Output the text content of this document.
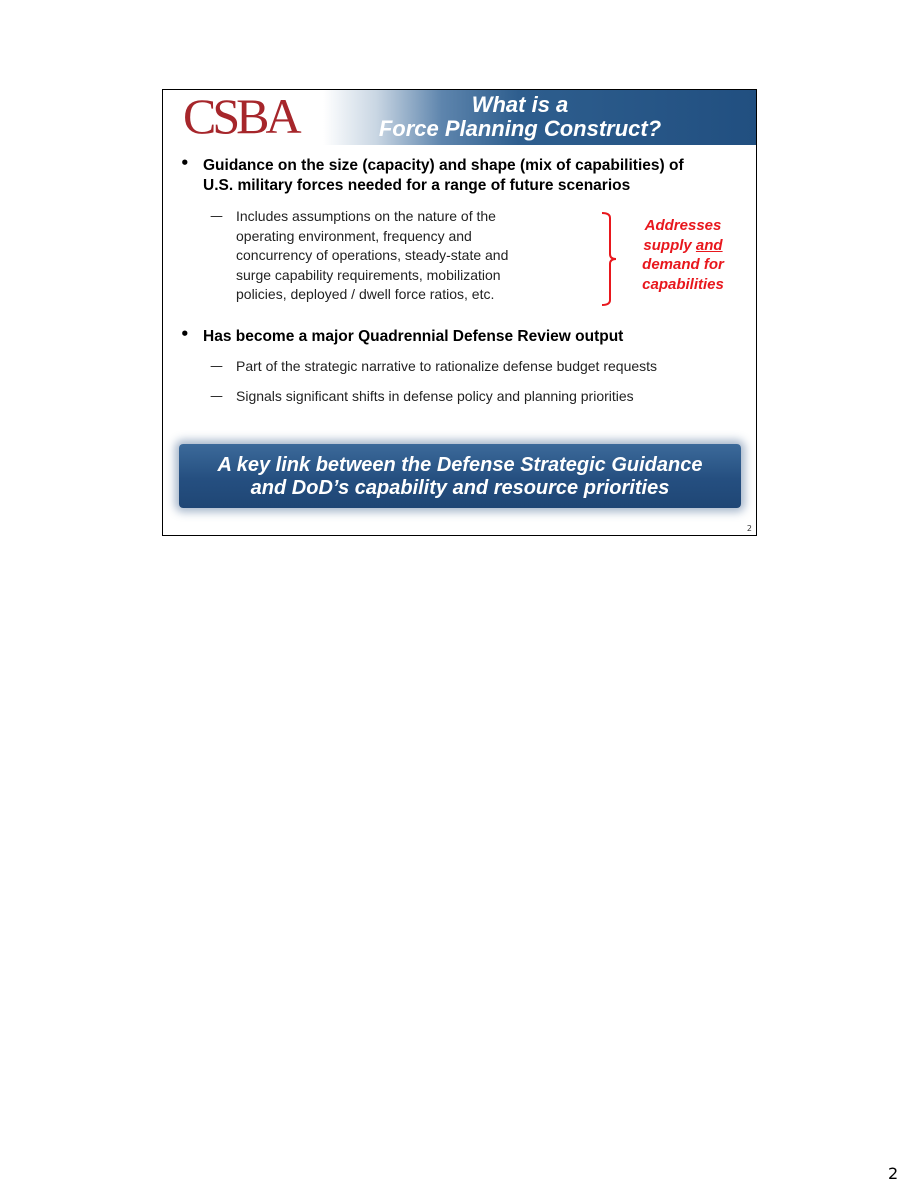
CSBA	What is a
Force Planning Construct?
• Guidance on the size (capacity) and shape (mix of capabilities) of
U.S. military forces needed for a range of future scenarios
— Includes assumptions on the nature of the
operating environment, frequency and
concurrency of operations, steady-state and
surge capability requirements, mobilization
policies, deployed / dwell force ratios, etc.
Addresses
supply and
demand for
capabilities
• Has become a major Quadrennial Defense Review output
— Part of the strategic narrative to rationalize defense budget requests
— Signals significant shifts in defense policy and planning priorities
A key link between the Defense Strategic Guidance
and DoD’s capability and resource priorities
2
2
